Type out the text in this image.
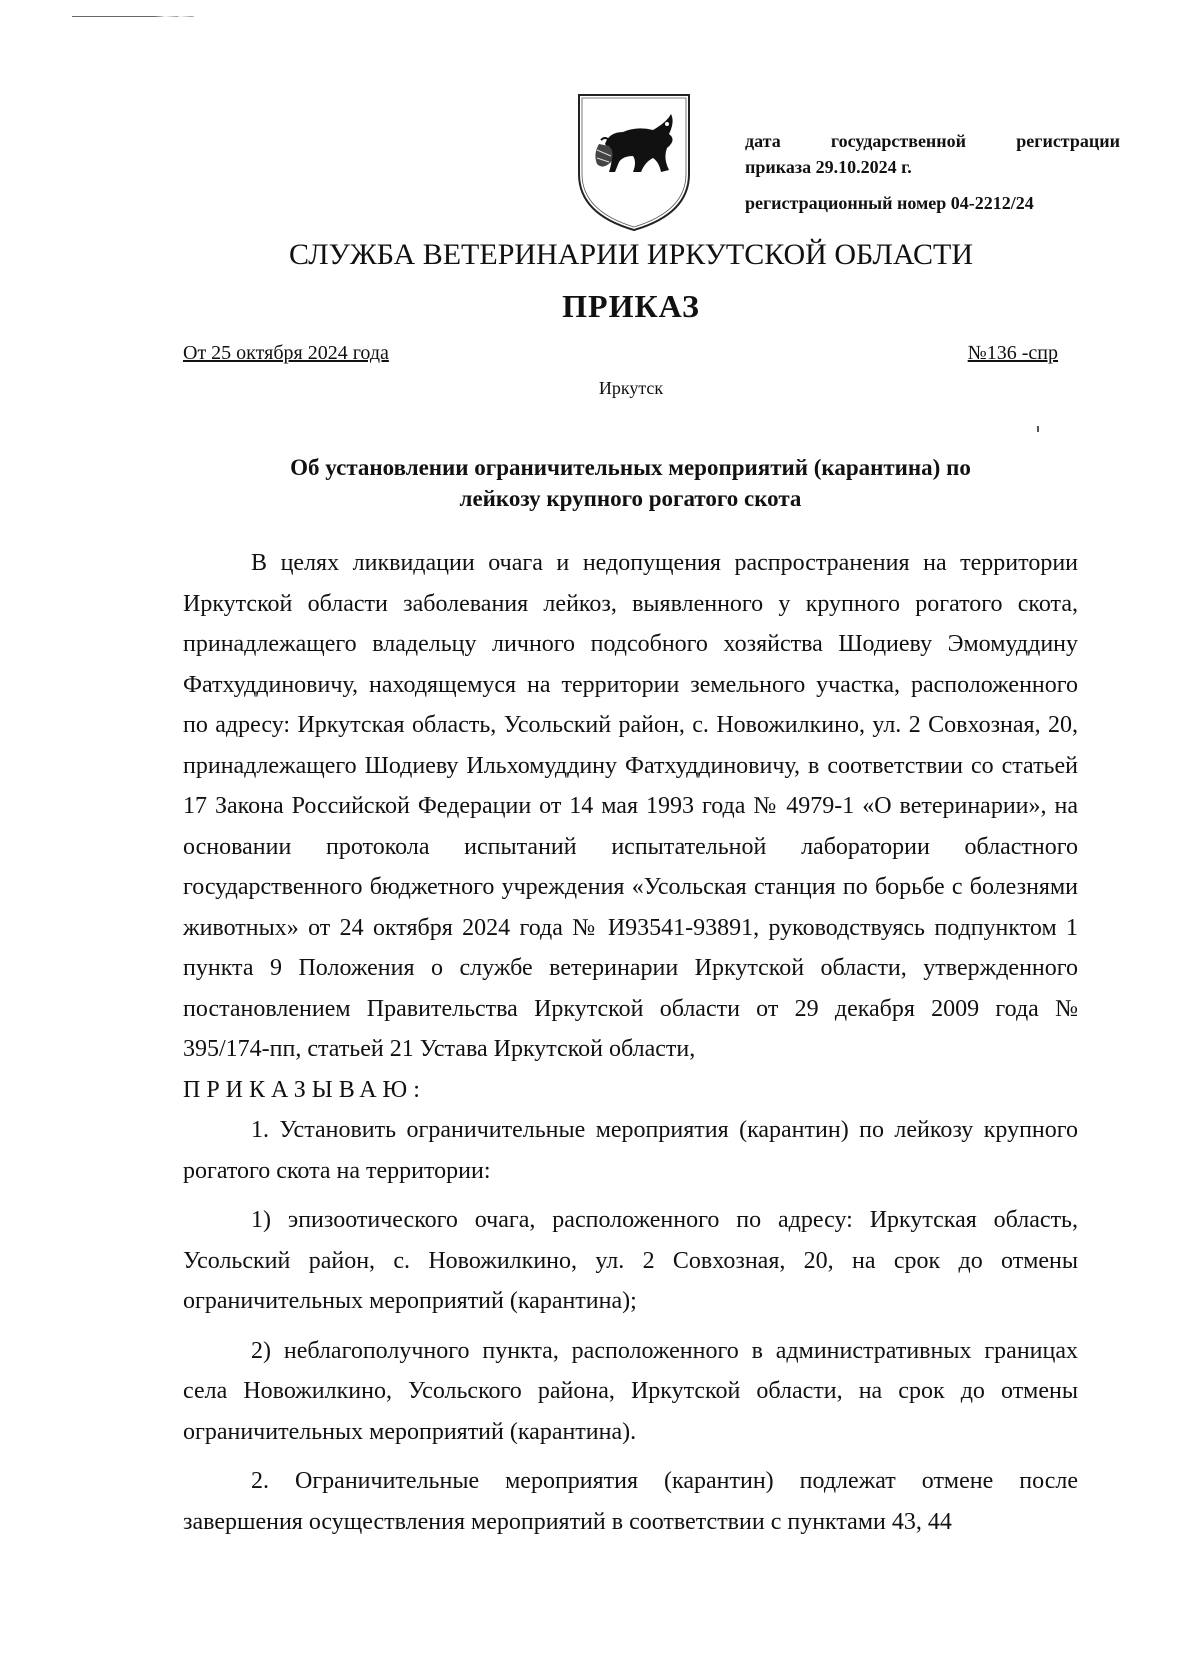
дата государственной регистрации
приказа 29.10.2024 г.
регистрационный номер 04-2212/24
СЛУЖБА ВЕТЕРИНАРИИ ИРКУТСКОЙ ОБЛАСТИ
ПРИКАЗ
От 25 октября 2024 года	№136 -спр
Иркутск
Об установлении ограничительных мероприятий (карантина) по
лейкозу крупного рогатого скота

В целях ликвидации очага и недопущения распространения на территории Иркутской области заболевания лейкоз, выявленного у крупного рогатого скота, принадлежащего владельцу личного подсобного хозяйства Шодиеву Эмомуддину Фатхуддиновичу, находящемуся на территории земельного участка, расположенного по адресу: Иркутская область, Усольский район, с. Новожилкино, ул. 2 Совхозная, 20, принадлежащего Шодиеву Ильхомуддину Фатхуддиновичу, в соответствии со статьей 17 Закона Российской Федерации от 14 мая 1993 года № 4979-1 «О ветеринарии», на основании протокола испытаний испытательной лаборатории областного государственного бюджетного учреждения «Усольская станция по борьбе с болезнями животных» от 24 октября 2024 года № И93541-93891, руководствуясь подпунктом 1 пункта 9 Положения о службе ветеринарии Иркутской области, утвержденного постановлением Правительства Иркутской области от 29 декабря 2009 года № 395/174-пп, статьей 21 Устава Иркутской области,

ПРИКАЗЫВАЮ:

1. Установить ограничительные мероприятия (карантин) по лейкозу крупного рогатого скота на территории:

1) эпизоотического очага, расположенного по адресу: Иркутская область, Усольский район, с. Новожилкино, ул. 2 Совхозная, 20, на срок до отмены ограничительных мероприятий (карантина);

2) неблагополучного пункта, расположенного в административных границах села Новожилкино, Усольского района, Иркутской области, на срок до отмены ограничительных мероприятий (карантина).

2. Ограничительные мероприятия (карантин) подлежат отмене после завершения осуществления мероприятий в соответствии с пунктами 43, 44
